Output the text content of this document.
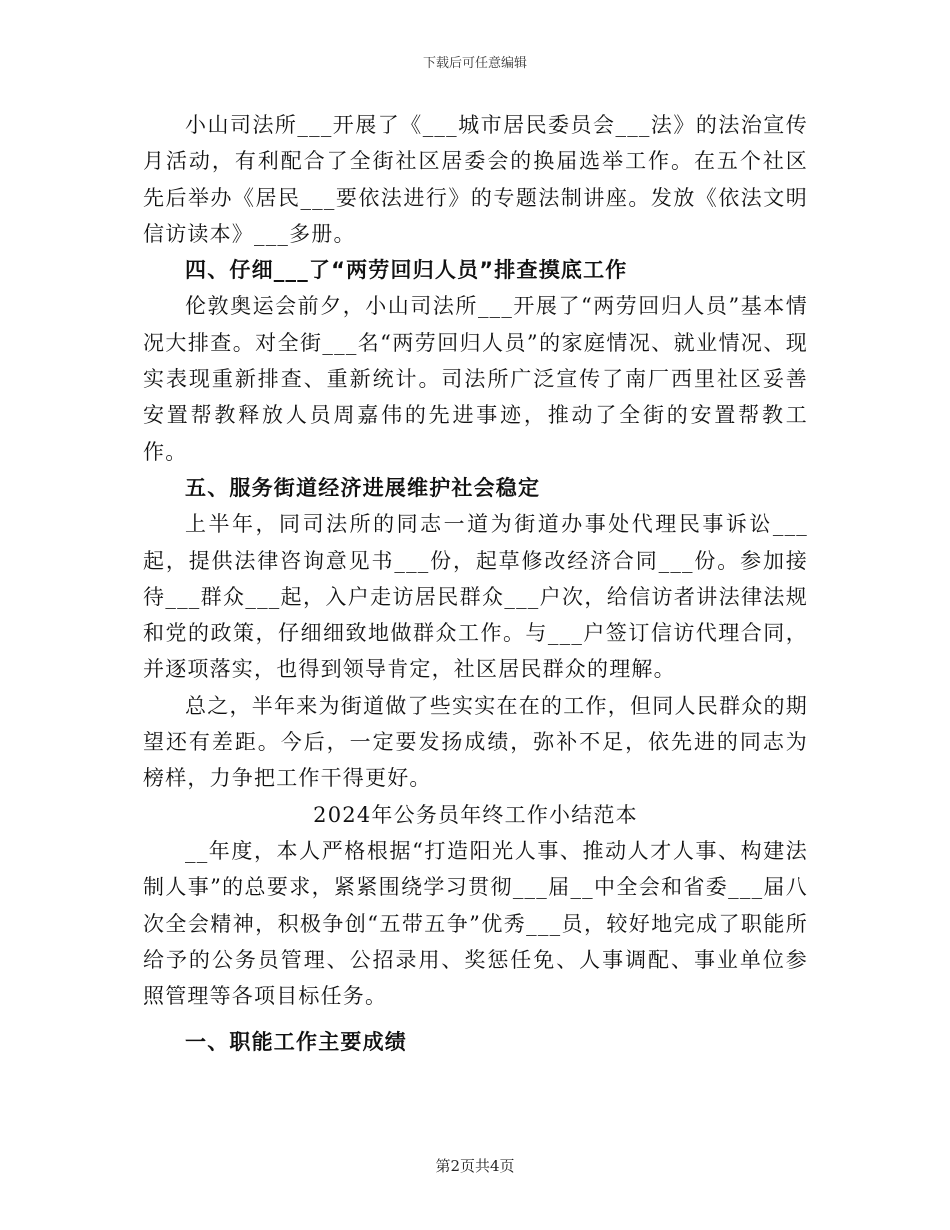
下载后可任意编辑

小山司法所___开展了《___城市居民委员会___法》的法治宣传月活动，有利配合了全街社区居委会的换届选举工作。在五个社区先后举办《居民___要依法进行》的专题法制讲座。发放《依法文明信访读本》___多册。

四、仔细___了“两劳回归人员”排查摸底工作

伦敦奥运会前夕，小山司法所___开展了“两劳回归人员”基本情况大排查。对全街___名“两劳回归人员”的家庭情况、就业情况、现实表现重新排查、重新统计。司法所广泛宣传了南厂西里社区妥善安置帮教释放人员周嘉伟的先进事迹，推动了全街的安置帮教工作。

五、服务街道经济进展维护社会稳定

上半年，同司法所的同志一道为街道办事处代理民事诉讼___起，提供法律咨询意见书___份，起草修改经济合同___份。参加接待___群众___起，入户走访居民群众___户次，给信访者讲法律法规和党的政策，仔细细致地做群众工作。与___户签订信访代理合同，并逐项落实，也得到领导肯定，社区居民群众的理解。

总之，半年来为街道做了些实实在在的工作，但同人民群众的期望还有差距。今后，一定要发扬成绩，弥补不足，依先进的同志为榜样，力争把工作干得更好。

2024年公务员年终工作小结范本

__年度，本人严格根据“打造阳光人事、推动人才人事、构建法制人事”的总要求，紧紧围绕学习贯彻___届__中全会和省委___届八次全会精神，积极争创“五带五争”优秀___员，较好地完成了职能所给予的公务员管理、公招录用、奖惩任免、人事调配、事业单位参照管理等各项目标任务。

一、职能工作主要成绩
第2页共4页
